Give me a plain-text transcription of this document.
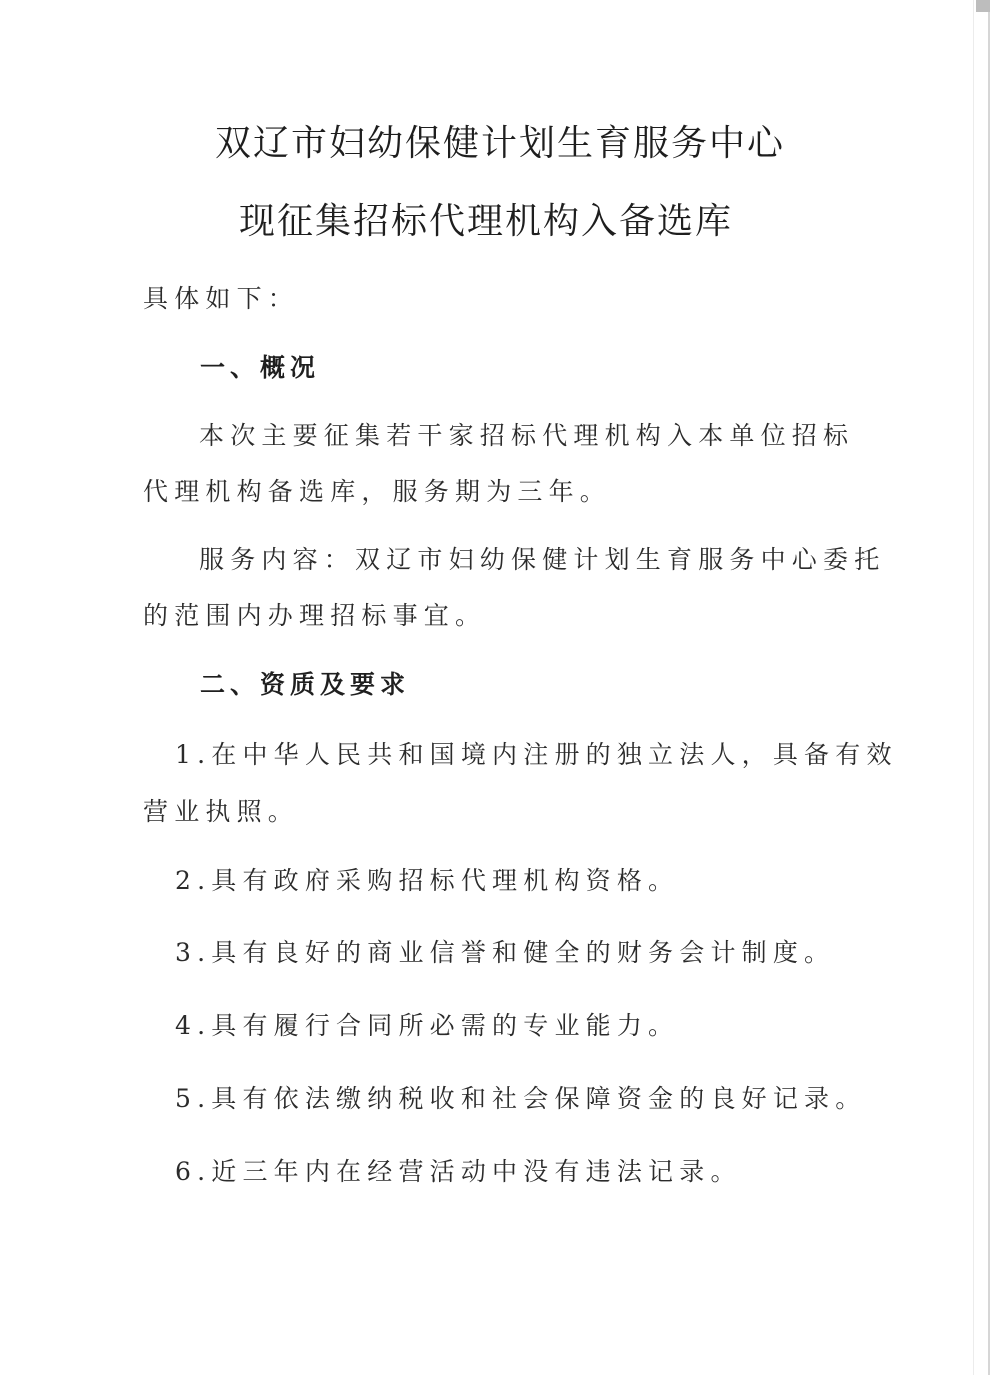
双辽市妇幼保健计划生育服务中心
现征集招标代理机构入备选库
具体如下：
一、概况
本次主要征集若干家招标代理机构入本单位招标
代理机构备选库，服务期为三年。
服务内容：双辽市妇幼保健计划生育服务中心委托
的范围内办理招标事宜。
二、资质及要求
1.在中华人民共和国境内注册的独立法人，具备有效
营业执照。
2.具有政府采购招标代理机构资格。
3.具有良好的商业信誉和健全的财务会计制度。
4.具有履行合同所必需的专业能力。
5.具有依法缴纳税收和社会保障资金的良好记录。
6.近三年内在经营活动中没有违法记录。
